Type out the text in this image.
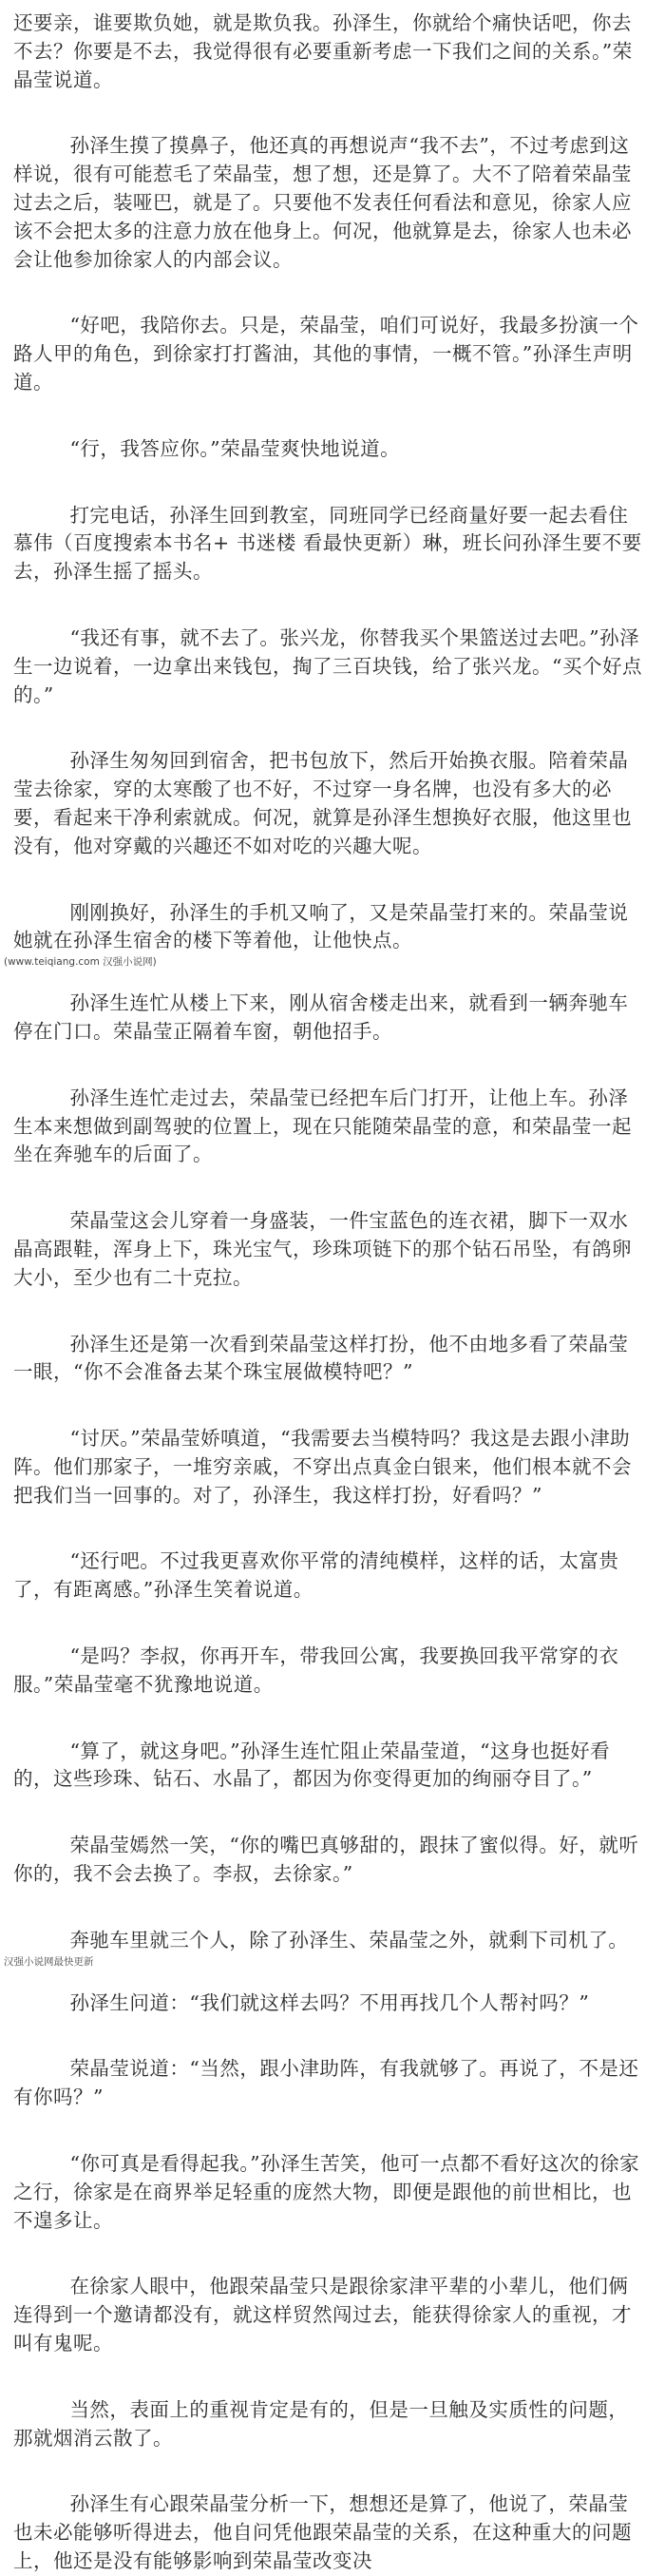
还要亲，谁要欺负她，就是欺负我。孙泽生，你就给个痛快话吧，你去不去？你要是不去，我觉得很有必要重新考虑一下我们之间的关系。”荣晶莹说道。

孙泽生摸了摸鼻子，他还真的再想说声“我不去”，不过考虑到这样说，很有可能惹毛了荣晶莹，想了想，还是算了。大不了陪着荣晶莹过去之后，装哑巴，就是了。只要他不发表任何看法和意见，徐家人应该不会把太多的注意力放在他身上。何况，他就算是去，徐家人也未必会让他参加徐家人的内部会议。

“好吧，我陪你去。只是，荣晶莹，咱们可说好，我最多扮演一个路人甲的角色，到徐家打打酱油，其他的事情，一概不管。”孙泽生声明道。

“行，我答应你。”荣晶莹爽快地说道。

打完电话，孙泽生回到教室，同班同学已经商量好要一起去看住慕伟（百度搜索本书名+ 书迷楼 看最快更新）琳，班长问孙泽生要不要去，孙泽生摇了摇头。

“我还有事，就不去了。张兴龙，你替我买个果篮送过去吧。”孙泽生一边说着，一边拿出来钱包，掏了三百块钱，给了张兴龙。“买个好点的。”

孙泽生匆匆回到宿舍，把书包放下，然后开始换衣服。陪着荣晶莹去徐家，穿的太寒酸了也不好，不过穿一身名牌，也没有多大的必要，看起来干净利索就成。何况，就算是孙泽生想换好衣服，他这里也没有，他对穿戴的兴趣还不如对吃的兴趣大呢。

刚刚换好，孙泽生的手机又响了，又是荣晶莹打来的。荣晶莹说她就在孙泽生宿舍的楼下等着他，让他快点。

(www.teiqiang.com 汉强小说网)

孙泽生连忙从楼上下来，刚从宿舍楼走出来，就看到一辆奔驰车停在门口。荣晶莹正隔着车窗，朝他招手。

孙泽生连忙走过去，荣晶莹已经把车后门打开，让他上车。孙泽生本来想做到副驾驶的位置上，现在只能随荣晶莹的意，和荣晶莹一起坐在奔驰车的后面了。

荣晶莹这会儿穿着一身盛装，一件宝蓝色的连衣裙，脚下一双水晶高跟鞋，浑身上下，珠光宝气，珍珠项链下的那个钻石吊坠，有鸽卵大小，至少也有二十克拉。

孙泽生还是第一次看到荣晶莹这样打扮，他不由地多看了荣晶莹一眼，“你不会准备去某个珠宝展做模特吧？”

“讨厌。”荣晶莹娇嗔道，“我需要去当模特吗？我这是去跟小津助阵。他们那家子，一堆穷亲戚，不穿出点真金白银来，他们根本就不会把我们当一回事的。对了，孙泽生，我这样打扮，好看吗？”

“还行吧。不过我更喜欢你平常的清纯模样，这样的话，太富贵了，有距离感。”孙泽生笑着说道。

“是吗？李叔，你再开车，带我回公寓，我要换回我平常穿的衣服。”荣晶莹毫不犹豫地说道。

“算了，就这身吧。”孙泽生连忙阻止荣晶莹道，“这身也挺好看的，这些珍珠、钻石、水晶了，都因为你变得更加的绚丽夺目了。”

荣晶莹嫣然一笑，“你的嘴巴真够甜的，跟抹了蜜似得。好，就听你的，我不会去换了。李叔，去徐家。”

奔驰车里就三个人，除了孙泽生、荣晶莹之外，就剩下司机了。

汉强小说网最快更新

孙泽生问道：“我们就这样去吗？不用再找几个人帮衬吗？”

荣晶莹说道：“当然，跟小津助阵，有我就够了。再说了，不是还有你吗？”

“你可真是看得起我。”孙泽生苦笑，他可一点都不看好这次的徐家之行，徐家是在商界举足轻重的庞然大物，即便是跟他的前世相比，也不遑多让。

在徐家人眼中，他跟荣晶莹只是跟徐家津平辈的小辈儿，他们俩连得到一个邀请都没有，就这样贸然闯过去，能获得徐家人的重视，才叫有鬼呢。

当然，表面上的重视肯定是有的，但是一旦触及实质性的问题，那就烟消云散了。

孙泽生有心跟荣晶莹分析一下，想想还是算了，他说了，荣晶莹也未必能够听得进去，他自问凭他跟荣晶莹的关系，在这种重大的问题上，他还是没有能够影响到荣晶莹改变决
